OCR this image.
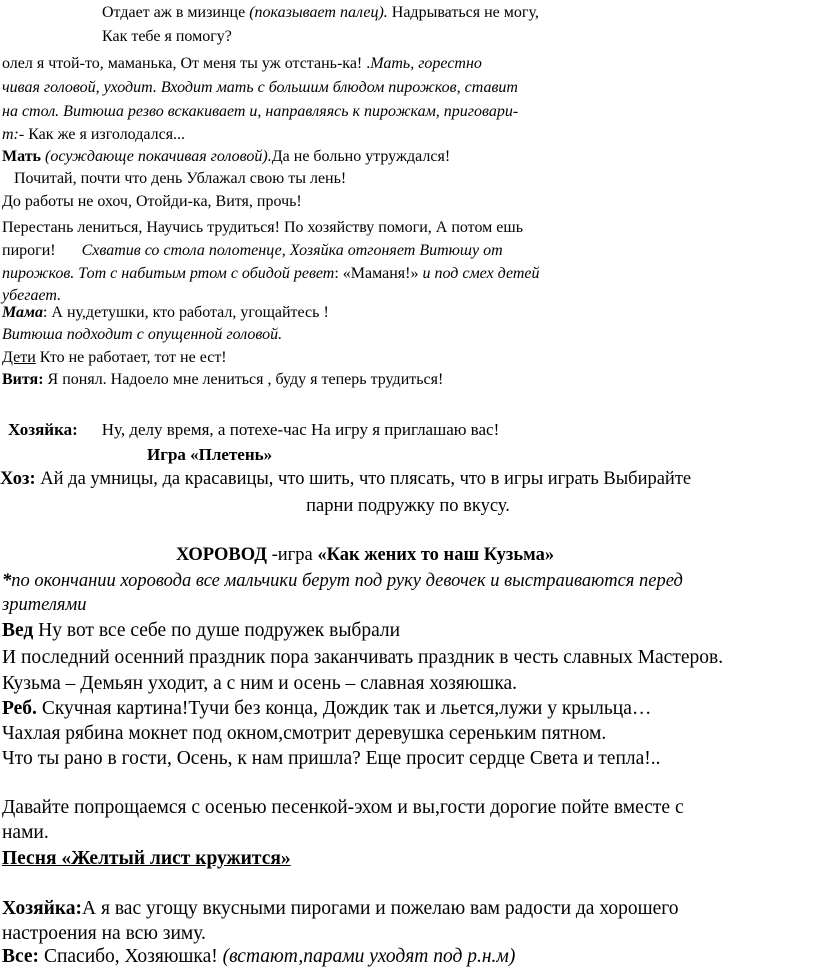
Отдает аж в мизинце (показывает палец). Надрываться не могу,
Как тебе я помогу?
олел я чтой-то, маманька, От меня ты уж отстань-ка! .Мать, горестно
чивая головой, уходит. Входит мать с большим блюдом пирожков, ставит
на стол. Витюша резво вскакивает и, направляясь к пирожкам, приговари-
т:- Как же я изголодался...
Мать (осуждающе покачивая головой).Да не больно утруждался!
Почитай, почти что день Ублажал свою ты лень!
До работы не охоч, Отойди-ка, Витя, прочь!
Перестань лениться, Научись трудиться! По хозяйству помоги, А потом ешь
пироги! Схватив со стола полотенце, Хозяйка отгоняет Витюшу от
пирожков. Тот с набитым ртом с обидой ревет: «Маманя!» и под смех детей
убегает.
Мама: А ну,детушки, кто работал, угощайтесь !
Витюша подходит с опущенной головой.
Дети Кто не работает, тот не ест!
Витя: Я понял. Надоело мне лениться , буду я теперь трудиться!
Хозяйка: Ну, делу время, а потехе-час На игру я приглашаю вас!
Игра «Плетень»
Хоз: Ай да умницы, да красавицы, что шить, что плясать, что в игры играть Выбирайте
парни подружку по вкусу.
ХОРОВОД -игра «Как жених то наш Кузьма»
*по окончании хоровода все мальчики берут под руку девочек и выстраиваются перед
зрителями
Вед Ну вот все себе по душе подружек выбрали
И последний осенний праздник пора заканчивать праздник в честь славных Мастеров.
Кузьма – Демьян уходит, а с ним и осень – славная хозяюшка.
Реб. Скучная картина!Тучи без конца, Дождик так и льется,лужи у крыльца…
Чахлая рябина мокнет под окном,смотрит деревушка сереньким пятном.
Что ты рано в гости, Осень, к нам пришла? Еще просит сердце Света и тепла!..
Давайте попрощаемся с осенью песенкой-эхом и вы,гости дорогие пойте вместе с
нами.
Песня «Желтый лист кружится»
Хозяйка:А я вас угощу вкусными пирогами и пожелаю вам радости да хорошего
настроения на всю зиму.
Все: Спасибо, Хозяюшка! (встают,парами уходят под р.н.м)
